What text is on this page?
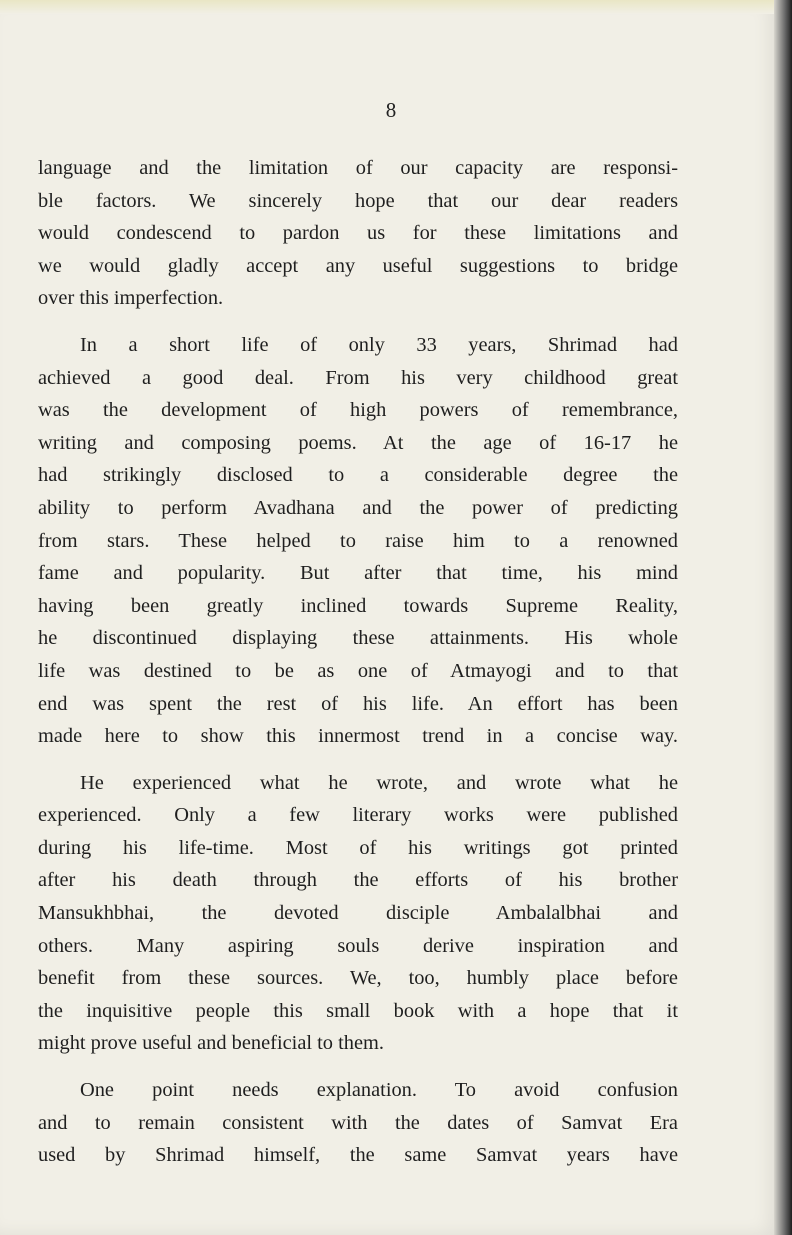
8
language and the limitation of our capacity are responsi-
ble factors. We sincerely hope that our dear readers
would condescend to pardon us for these limitations and
we would gladly accept any useful suggestions to bridge
over this imperfection.
In a short life of only 33 years, Shrimad had
achieved a good deal. From his very childhood great
was the development of high powers of remembrance,
writing and composing poems. At the age of 16-17 he
had strikingly disclosed to a considerable degree the
ability to perform Avadhana and the power of predicting
from stars. These helped to raise him to a renowned
fame and popularity. But after that time, his mind
having been greatly inclined towards Supreme Reality,
he discontinued displaying these attainments. His whole
life was destined to be as one of Atmayogi and to that
end was spent the rest of his life. An effort has been
made here to show this innermost trend in a concise way.
He experienced what he wrote, and wrote what he
experienced. Only a few literary works were published
during his life-time. Most of his writings got printed
after his death through the efforts of his brother
Mansukhbhai, the devoted disciple Ambalalbhai and
others. Many aspiring souls derive inspiration and
benefit from these sources. We, too, humbly place before
the inquisitive people this small book with a hope that it
might prove useful and beneficial to them.
One point needs explanation. To avoid confusion
and to remain consistent with the dates of Samvat Era
used by Shrimad himself, the same Samvat years have
